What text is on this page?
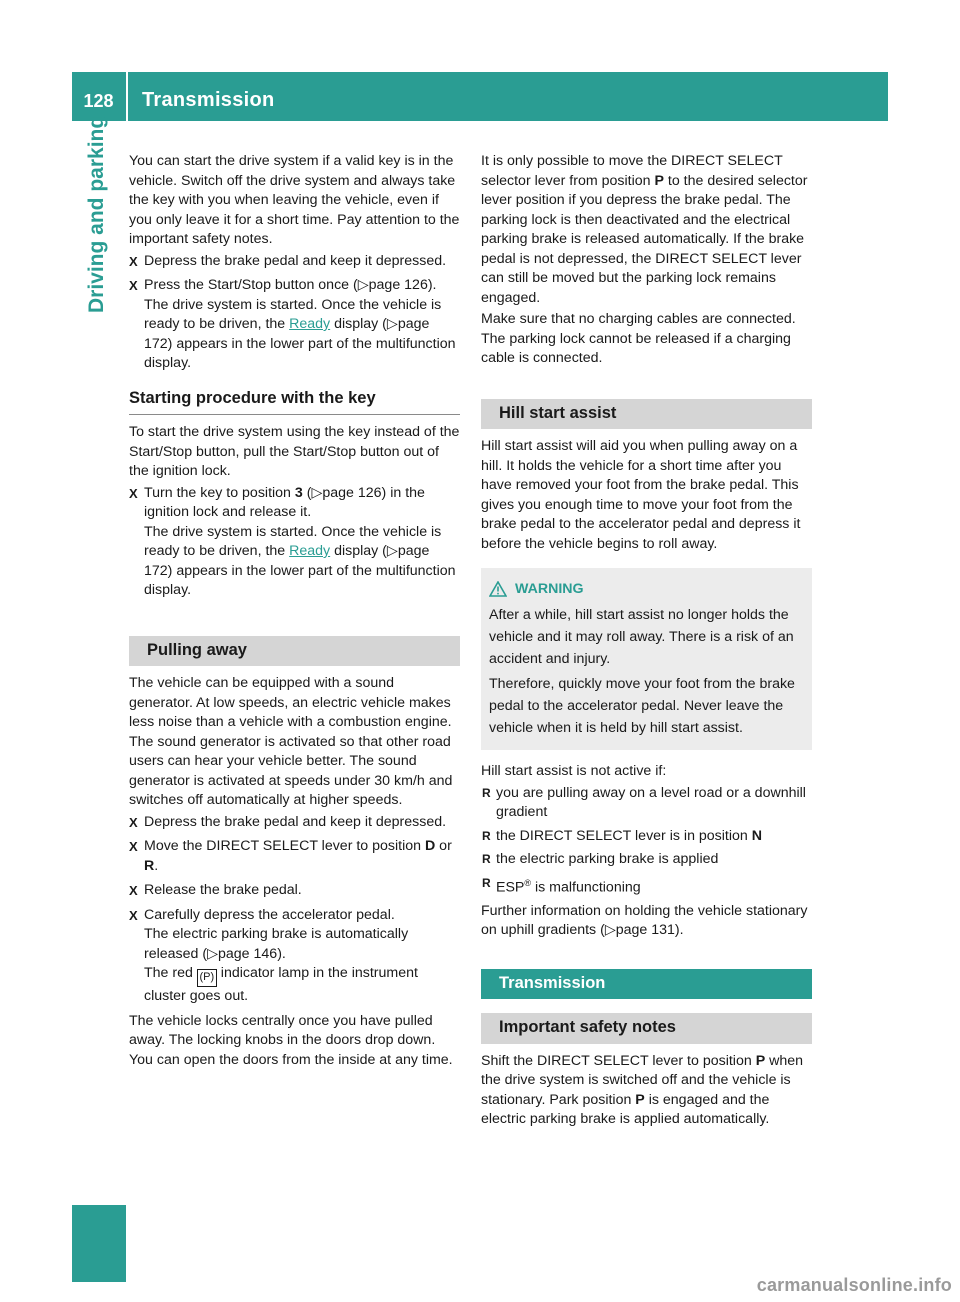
128	Transmission
Driving and parking You can start the drive system if a valid key is in the vehicle. Switch off the drive system and always take the key with you when leaving the vehicle, even if you only leave it for a short time. Pay attention to the important safety notes.

X Depress the brake pedal and keep it depressed.
X Press the Start/Stop button once (▷page 126).
The drive system is started. Once the vehicle is ready to be driven, the Ready display (▷page 172) appears in the lower part of the multifunction display.
Starting procedure with the key

To start the drive system using the key instead of the Start/Stop button, pull the Start/Stop button out of the ignition lock.

X Turn the key to position 3 (▷page 126) in the ignition lock and release it.
The drive system is started. Once the vehicle is ready to be driven, the Ready display (▷page 172) appears in the lower part of the multifunction display.
Pulling away

The vehicle can be equipped with a sound generator. At low speeds, an electric vehicle makes less noise than a vehicle with a combustion engine. The sound generator is activated so that other road users can hear your vehicle better. The sound generator is activated at speeds under 30 km/h and switches off automatically at higher speeds.

X Depress the brake pedal and keep it depressed.
X Move the DIRECT SELECT lever to position D or R.
X Release the brake pedal.
X Carefully depress the accelerator pedal.
The electric parking brake is automatically released (▷page 146).
The red (P) indicator lamp in the instrument cluster goes out.

The vehicle locks centrally once you have pulled away. The locking knobs in the doors drop down. You can open the doors from the inside at any time.

It is only possible to move the DIRECT SELECT selector lever from position P to the desired selector lever position if you depress the brake pedal. The parking lock is then deactivated and the electrical parking brake is released automatically. If the brake pedal is not depressed, the DIRECT SELECT lever can still be moved but the parking lock remains engaged.

Make sure that no charging cables are connected. The parking lock cannot be released if a charging cable is connected.

Hill start assist

Hill start assist will aid you when pulling away on a hill. It holds the vehicle for a short time after you have removed your foot from the brake pedal. This gives you enough time to move your foot from the brake pedal to the accelerator pedal and depress it before the vehicle begins to roll away.

WARNING

After a while, hill start assist no longer holds the vehicle and it may roll away. There is a risk of an accident and injury.

Therefore, quickly move your foot from the brake pedal to the accelerator pedal. Never leave the vehicle when it is held by hill start assist.

Hill start assist is not active if:

R you are pulling away on a level road or a downhill gradient
R the DIRECT SELECT lever is in position N
R the electric parking brake is applied
R ESP® is malfunctioning

Further information on holding the vehicle stationary on uphill gradients (▷page 131).

Transmission
Important safety notes

Shift the DIRECT SELECT lever to position P when the drive system is switched off and the vehicle is stationary. Park position P is engaged and the electric parking brake is applied automatically.

carmanualsonline.info
